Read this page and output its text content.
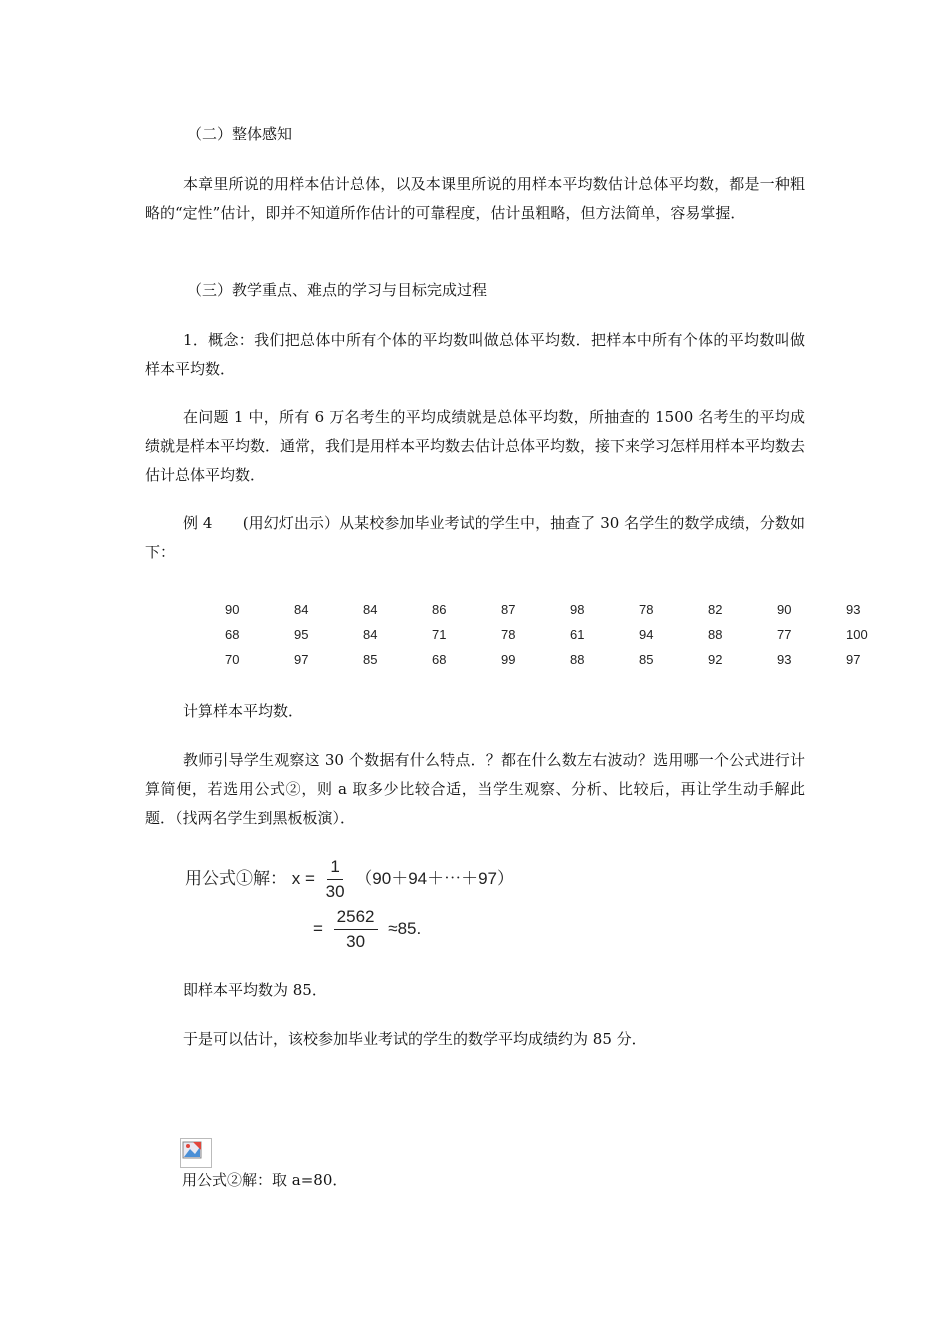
（二）整体感知

本章里所说的用样本估计总体，以及本课里所说的用样本平均数估计总体平均数，都是一种粗略的“定性”估计，即并不知道所作估计的可靠程度，估计虽粗略，但方法简单，容易掌握．

（三）教学重点、难点的学习与目标完成过程

1．概念：我们把总体中所有个体的平均数叫做总体平均数．把样本中所有个体的平均数叫做样本平均数．

在问题 1 中，所有 6 万名考生的平均成绩就是总体平均数，所抽查的 1500 名考生的平均成绩就是样本平均数．通常，我们是用样本平均数去估计总体平均数，接下来学习怎样用样本平均数去估计总体平均数．

例 4　　(用幻灯出示）从某校参加毕业考试的学生中，抽查了 30 名学生的数学成绩，分数如下：

90	84	84	86	87	98	78	82	90	93
68	95	84	71	78	61	94	88	77	100
70	97	85	68	99	88	85	92	93	97

计算样本平均数．

教师引导学生观察这 30 个数据有什么特点．？都在什么数左右波动？选用哪一个公式进行计算简便，若选用公式②，则 a 取多少比较合适，当学生观察、分析、比较后，再让学生动手解此题．（找两名学生到黑板板演）．

用公式①解： $x = \frac{1}{30}$ （90＋94＋⋯＋97）
= $\frac{2562}{30} \approx 85$.

即样本平均数为 85．

于是可以估计，该校参加毕业考试的学生的数学平均成绩约为 85 分．

用公式②解：取 a=80．
